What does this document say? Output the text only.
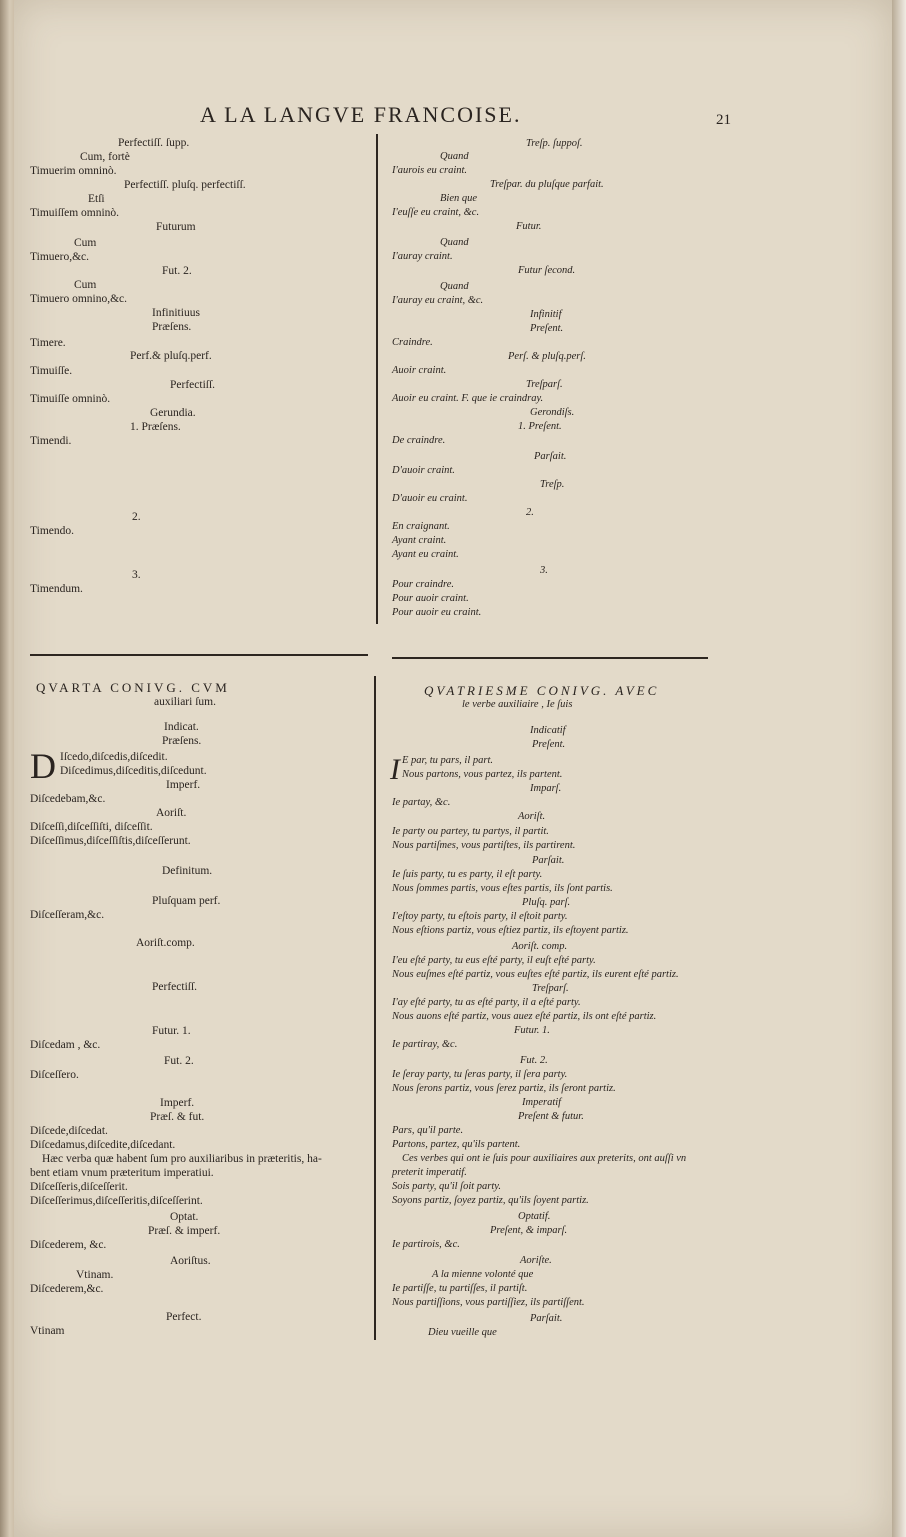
A LA LANGVE FRANCOISE.	21
Perfectiſſ. ſupp.
Cum, fortè
Timuerim omninò.
Perfectiſſ. pluſq. perfectiſſ.
Etſi
Timuiſſem omninò.
Futurum
Cum
Timuero,&c.
Fut. 2.
Cum
Timuero omnino,&c.
Infinitiuus
Præſens.
Timere.
Perf.& pluſq.perf.
Timuiſſe.
Perfectiſſ.
Timuiſſe omninò.
Gerundia.
1. Præſens.
Timendi.
2.
Timendo.
3.
Timendum.
Treſp. ſuppoſ.
Quand
I'aurois eu craint.
Treſpar. du pluſque parfait.
Bien que
I'euſſe eu craint, &c.
Futur.
Quand
I'auray craint.
Futur ſecond.
Quand
I'auray eu craint, &c.
Infinitif
Preſent.
Craindre.
Perſ. & pluſq.perſ.
Auoir craint.
Treſparſ.
Auoir eu craint. F. que ie craindray.
Gerondiſs.
1. Preſent.
De craindre.
Parſait.
D'auoir craint.
Treſp.
D'auoir eu craint.
2.
En craignant.
Ayant craint.
Ayant eu craint.
3.
Pour craindre.
Pour auoir craint.
Pour auoir eu craint.
QVARTA CONIVG. CVM
auxiliari ſum.
D
Indicat.
Præſens.
Iſcedo,diſcedis,diſcedit.
Diſcedimus,diſceditis,diſcedunt.
Imperf.
Diſcedebam,&c.
Aoriſt.
Diſceſſi,diſceſſiſti, diſceſſit.
Diſceſſimus,diſceſſiſtis,diſceſſerunt.
Definitum.
Pluſquam perf.
Diſceſſeram,&c.
Aoriſt.comp.
Perfectiſſ.
Futur. 1.
Diſcedam , &c.
Fut. 2.
Diſceſſero.
Imperf.
Præſ. & fut.
Diſcede,diſcedat.
Diſcedamus,diſcedite,diſcedant.
Hæc verba quæ habent ſum pro auxiliaribus in præteritis, ha-
bent etiam vnum præteritum imperatiui.
Diſceſſeris,diſceſſerit.
Diſceſſerimus,diſceſſeritis,diſceſſerint.
Optat.
Præſ. & imperf.
Diſcederem, &c.
Aoriſtus.
Vtinam.
Diſcederem,&c.
Perfect.
Vtinam
QVATRIESME CONIVG. AVEC
le verbe auxiliaire , Ie ſuis
I
Indicatif
Preſent.
E par, tu pars, il part.
Nous partons, vous partez, ils partent.
Imparſ.
Ie partay, &c.
Aoriſt.
Ie party ou partey, tu partys, il partit.
Nous partiſmes, vous partiſtes, ils partirent.
Parſait.
Ie ſuis party, tu es party, il eſt party.
Nous ſommes partis, vous eſtes partis, ils ſont partis.
Pluſq. parſ.
I'eſtoy party, tu eſtois party, il eſtoit party.
Nous eſtions partiz, vous eſtiez partiz, ils eſtoyent partiz.
Aoriſt. comp.
I'eu eſté party, tu eus eſté party, il euſt eſté party.
Nous euſmes eſté partiz, vous euſtes eſté partiz, ils eurent eſté partiz.
Treſparſ.
I'ay eſté party, tu as eſté party, il a eſté party.
Nous auons eſté partiz, vous auez eſté partiz, ils ont eſté partiz.
Futur. 1.
Ie partiray, &c.
Fut. 2.
Ie ſeray party, tu ſeras party, il ſera party.
Nous ſerons partiz, vous ſerez partiz, ils ſeront partiz.
Imperatif
Preſent & futur.
Pars, qu'il parte.
Partons, partez, qu'ils partent.
Ces verbes qui ont ie ſuis pour auxiliaires aux preterits, ont auſſi vn
preterit imperatif.
Sois party, qu'il ſoit party.
Soyons partiz, ſoyez partiz, qu'ils ſoyent partiz.
Optatif.
Preſent, & imparſ.
Ie partirois, &c.
Aoriſte.
A la mienne volonté que
Ie partiſſe, tu partiſſes, il partiſt.
Nous partiſſions, vous partiſſiez, ils partiſſent.
Parſait.
Dieu vueille que
